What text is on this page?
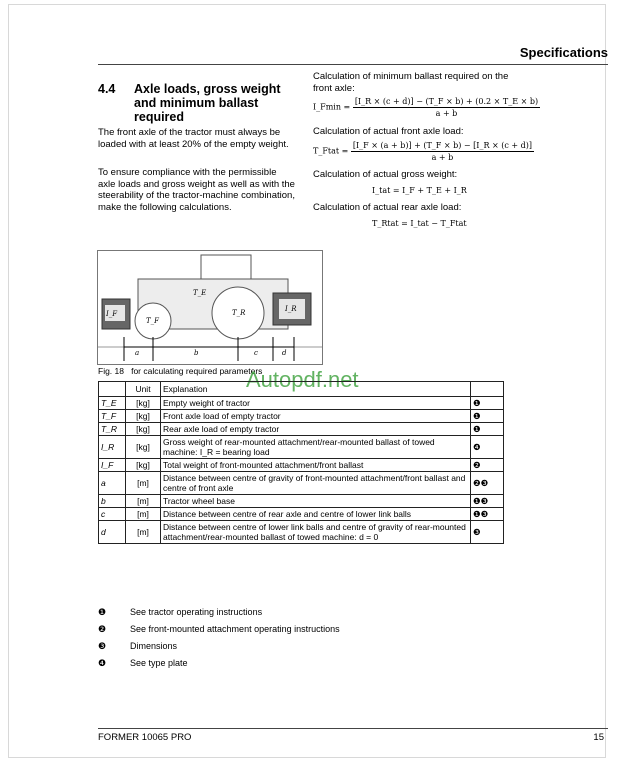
Specifications
4.4 Axle loads, gross weight and minimum ballast required
The front axle of the tractor must always be loaded with at least 20% of the empty weight.
To ensure compliance with the permissible axle loads and gross weight as well as with the steerability of the tractor-machine combination, make the following calculations.
Calculation of minimum ballast required on the front axle:
I_Fmin = $\frac{[I\_R \times (c + d)] - (T\_F \times b) + (0.2 \times T\_E \times b)}{a + b}$
Calculation of actual front axle load:
T_Ftat = $\frac{[I\_F \times (a + b)] + (T\_F \times b) - [I\_R \times (c + d)]}{a + b}$
Calculation of actual gross weight:
I_tat = I_F + T_E + I_R
Calculation of actual rear axle load:
T_Rtat = I_tat − T_Ftat
I_F
T_F
T_E
T_R	I_R
a	b	c	d
Fig. 18 for calculating required parameters
Autopdf.net
	Unit	Explanation	
T_E	[kg]	Empty weight of tractor	❶
T_F	[kg]	Front axle load of empty tractor	❶
T_R	[kg]	Rear axle load of empty tractor	❶
I_R	[kg]	Gross weight of rear-mounted attachment/rear-mounted ballast of towed machine: I_R = bearing load	❹
I_F	[kg]	Total weight of front-mounted attachment/front ballast	❷
a	[m]	Distance between centre of gravity of front-mounted attachment/front ballast and centre of front axle	❷❸
b	[m]	Tractor wheel base	❶❸
c	[m]	Distance between centre of rear axle and centre of lower link balls	❶❸
d	[m]	Distance between centre of lower link balls and centre of gravity of rear-mounted attachment/rear-mounted ballast of towed machine: d = 0	❸
❶	See tractor operating instructions
❷	See front-mounted attachment operating instructions
❸	Dimensions
❹	See type plate
FORMER 10065 PRO	15
